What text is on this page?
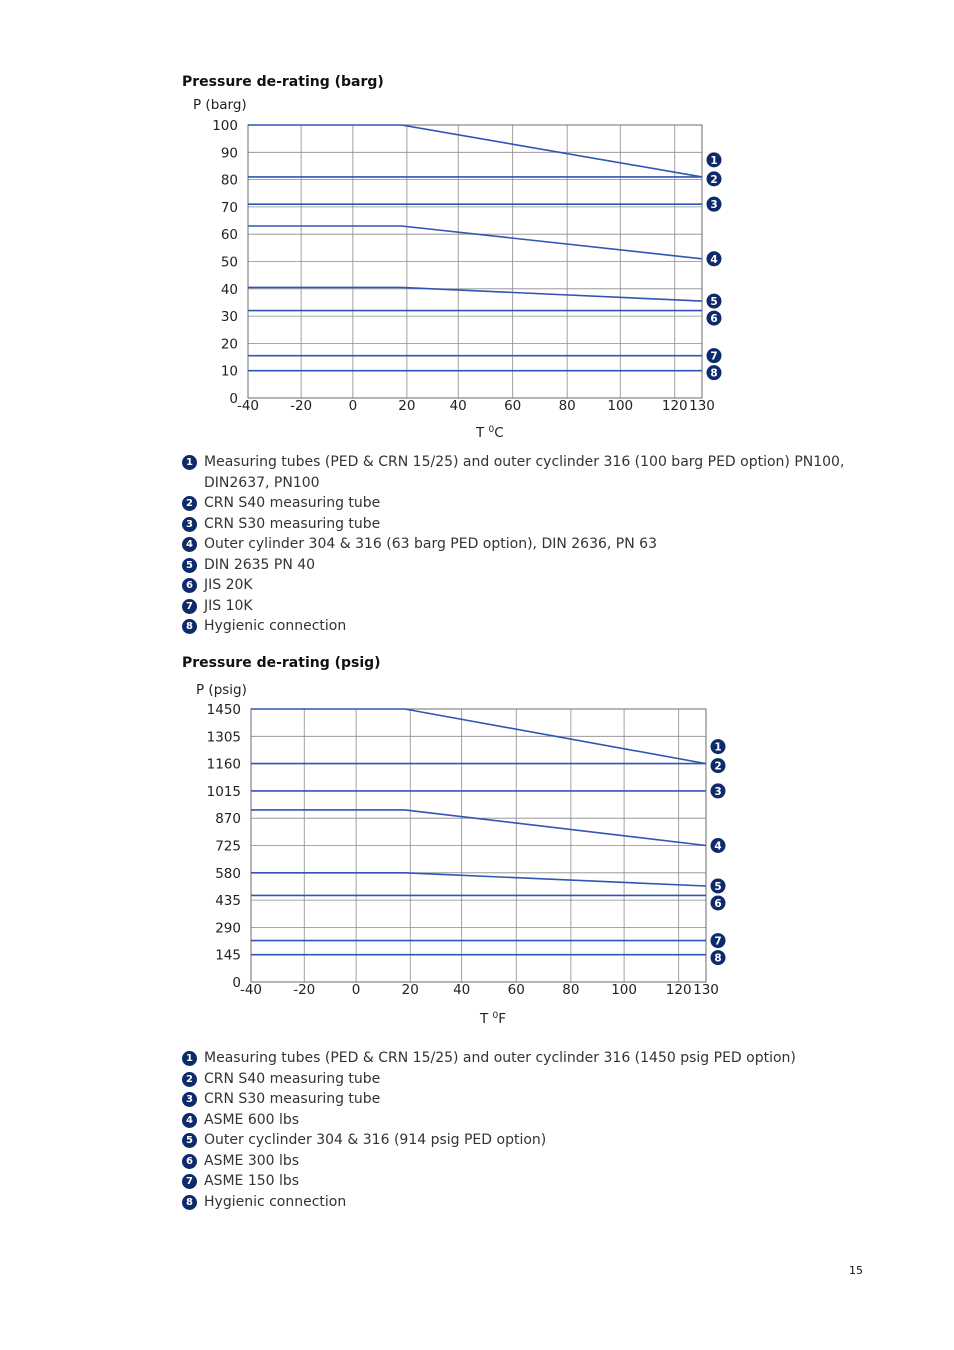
Pressure de-rating (barg)
P (barg)
0
10
20
30
40
50
60
70
80
90
100
-40 -20	0	20	40	60	80 100 120 130
T $^0$C
1
2
3
4
5
6
7
8
1 Measuring tubes (PED & CRN 15/25) and outer cyclinder 316 (100 barg PED option) PN100,
DIN2637, PN100
2 CRN S40 measuring tube
3 CRN S30 measuring tube
4 Outer cylinder 304 & 316 (63 barg PED option), DIN 2636, PN 63
5 DIN 2635 PN 40
6 JIS 20K
7 JIS 10K
8 Hygienic connection
Pressure de-rating (psig)
P (psig)
0
145
290
435
580
725
870
1015
1160
1305
1450
-40 -20	0	20	40	60	80 100 120 130
T $^0$F
1
2
3
4
5
6
7
8
1 Measuring tubes (PED & CRN 15/25) and outer cyclinder 316 (1450 psig PED option)
2 CRN S40 measuring tube
3 CRN S30 measuring tube
4 ASME 600 lbs
5 Outer cyclinder 304 & 316 (914 psig PED option)
6 ASME 300 lbs
7 ASME 150 lbs
8 Hygienic connection
15
